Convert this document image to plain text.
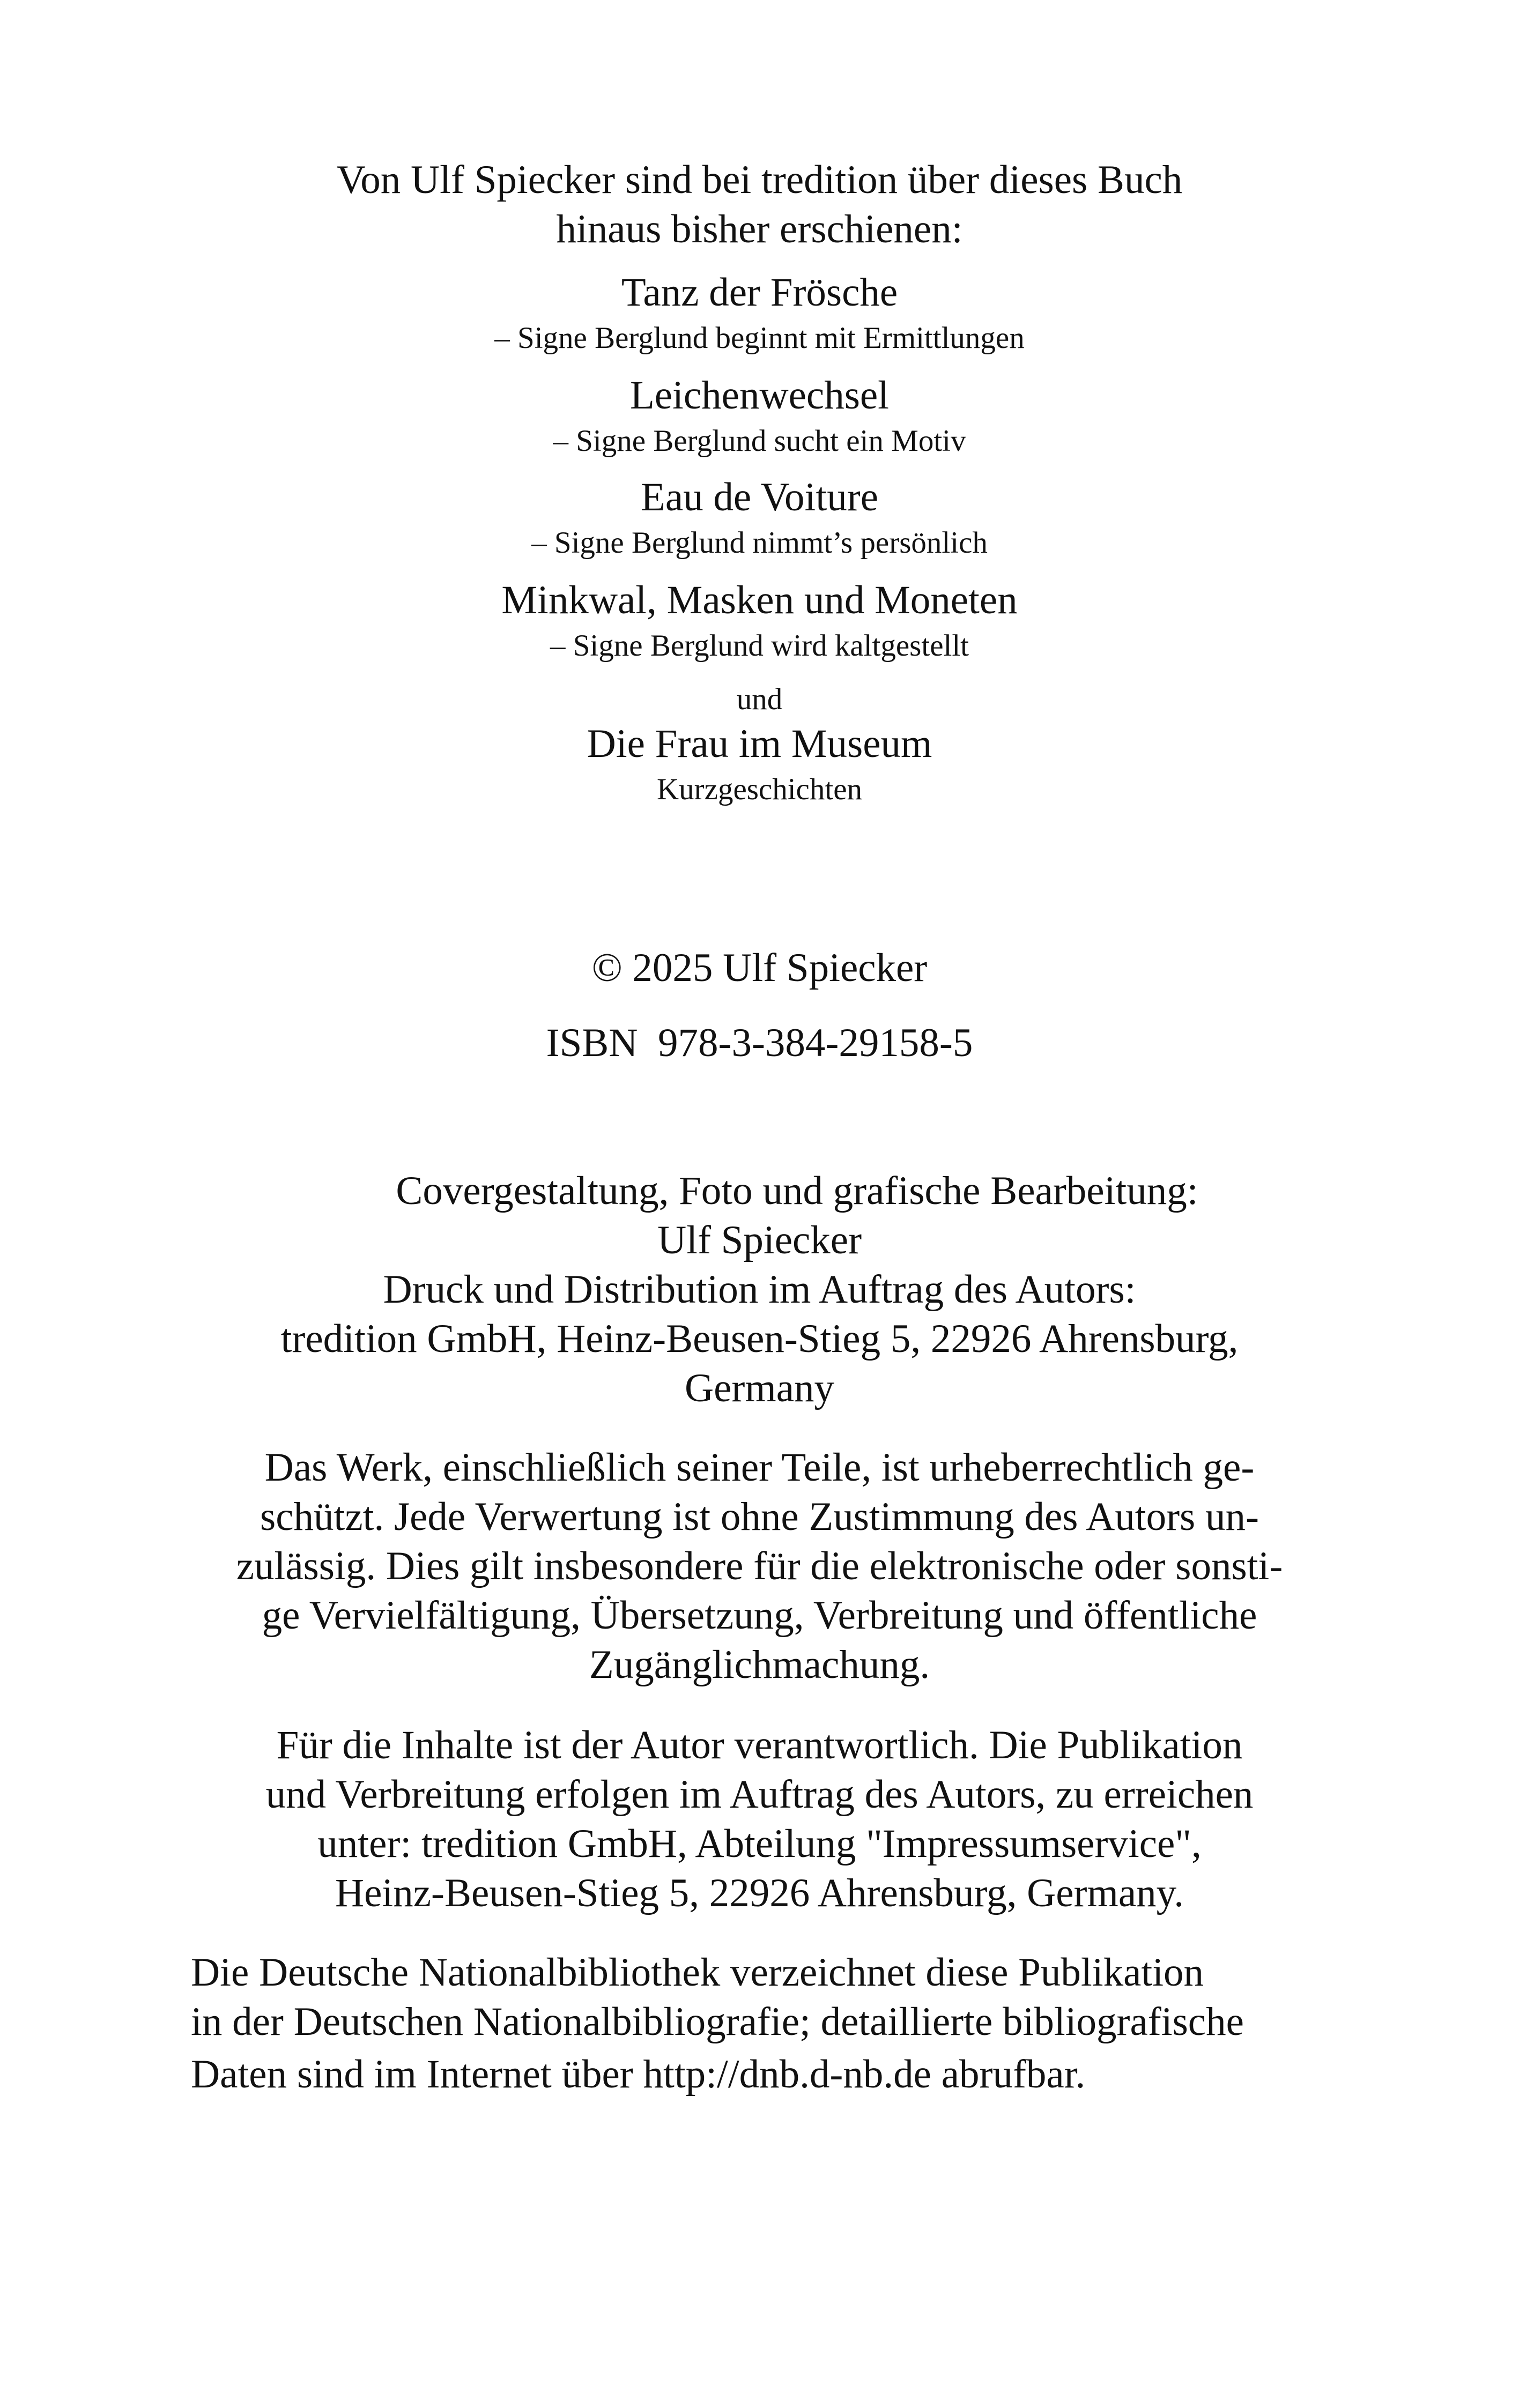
Von Ulf Spiecker sind bei tredition über dieses Buch
hinaus bisher erschienen:
Tanz der Frösche
– Signe Berglund beginnt mit Ermittlungen
Leichenwechsel
– Signe Berglund sucht ein Motiv
Eau de Voiture
– Signe Berglund nimmt’s persönlich
Minkwal, Masken und Moneten
– Signe Berglund wird kaltgestellt
und
Die Frau im Museum
Kurzgeschichten
© 2025 Ulf Spiecker
ISBN  978-3-384-29158-5
Covergestaltung, Foto und grafische Bearbeitung:
Ulf Spiecker
Druck und Distribution im Auftrag des Autors:
tredition GmbH, Heinz-Beusen-Stieg 5, 22926 Ahrensburg,
Germany
Das Werk, einschließlich seiner Teile, ist urheberrechtlich ge-
schützt. Jede Verwertung ist ohne Zustimmung des Autors un-
zulässig. Dies gilt insbesondere für die elektronische oder sonsti-
ge Vervielfältigung, Übersetzung, Verbreitung und öffentliche
Zugänglichmachung.
Für die Inhalte ist der Autor verantwortlich. Die Publikation
und Verbreitung erfolgen im Auftrag des Autors, zu erreichen
unter: tredition GmbH, Abteilung "Impressumservice",
Heinz-Beusen-Stieg 5, 22926 Ahrensburg, Germany.
Die Deutsche Nationalbibliothek verzeichnet diese Publikation
in der Deutschen Nationalbibliografie; detaillierte bibliografische
Daten sind im Internet über http://dnb.d-nb.de abrufbar.
